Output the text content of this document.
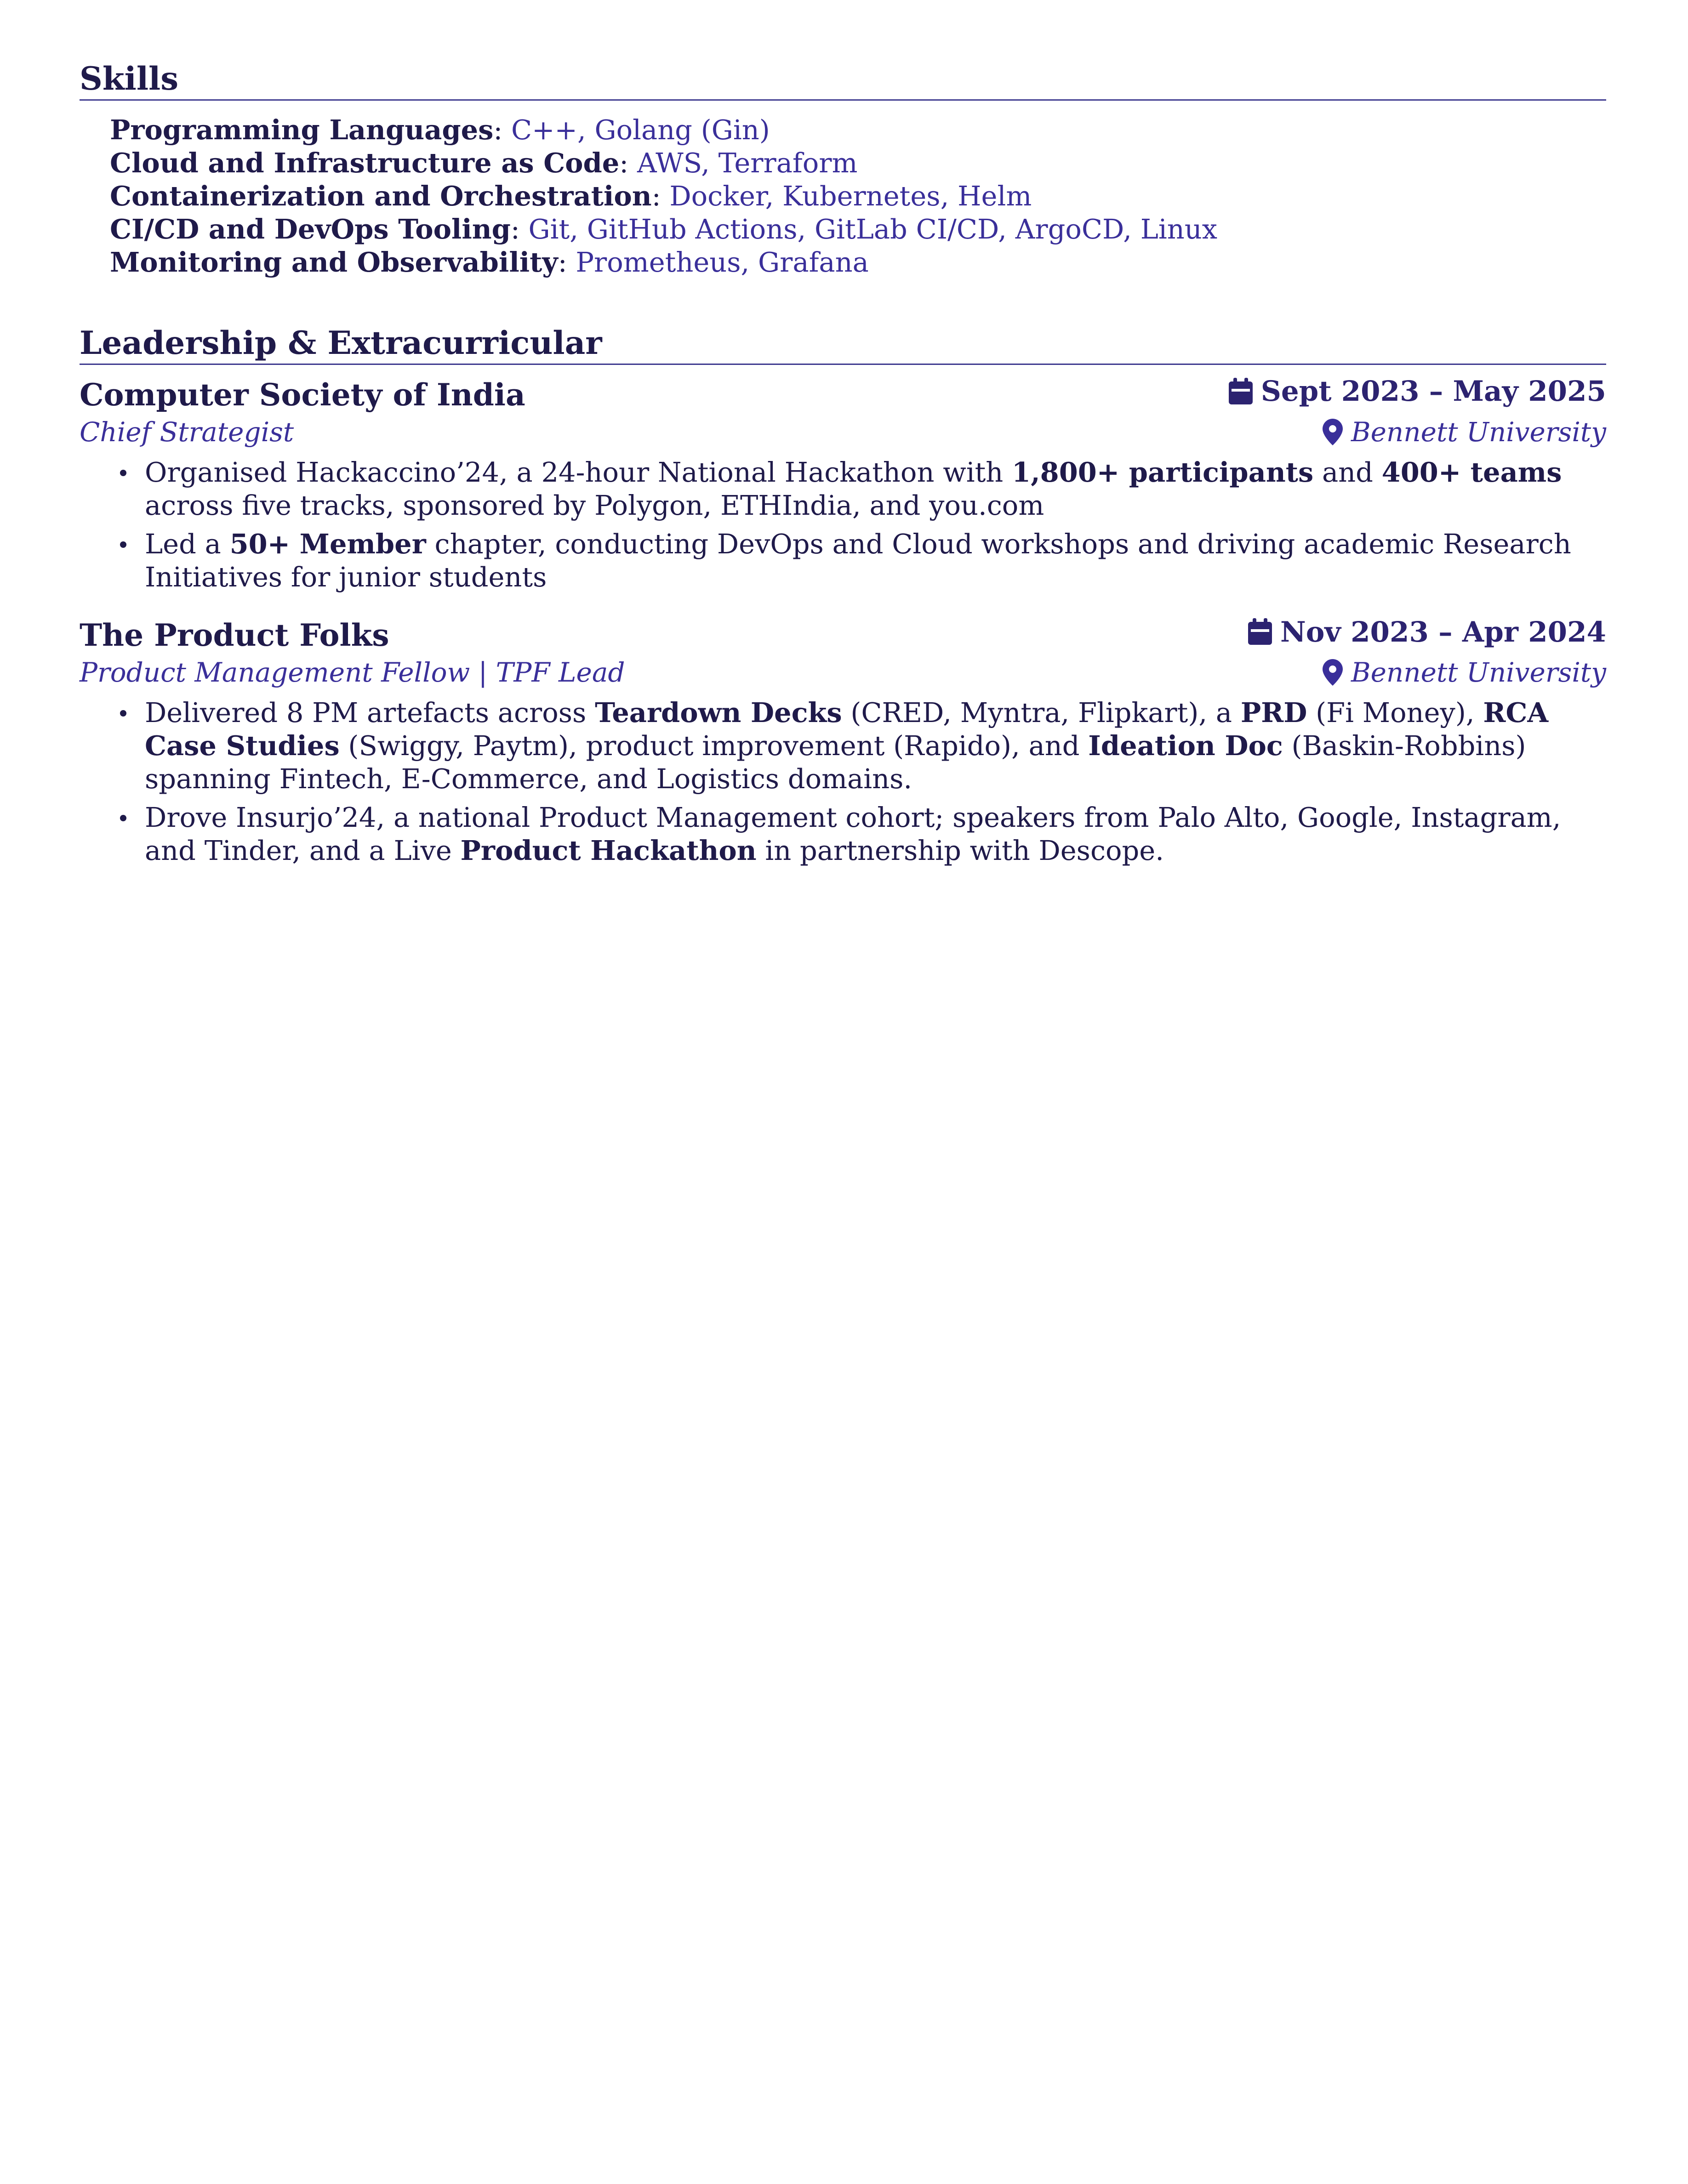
Skills
Programming Languages: C++, Golang (Gin)
Cloud and Infrastructure as Code: AWS, Terraform
Containerization and Orchestration: Docker, Kubernetes, Helm
CI/CD and DevOps Tooling: Git, GitHub Actions, GitLab CI/CD, ArgoCD, Linux
Monitoring and Observability: Prometheus, Grafana
Leadership & Extracurricular
Computer Society of India	Sept 2023 – May 2025
Chief Strategist	Bennett University
Organised Hackaccino’24, a 24-hour National Hackathon with 1,800+ participants and 400+ teams across five tracks, sponsored by Polygon, ETHIndia, and you.com
Led a 50+ Member chapter, conducting DevOps and Cloud workshops and driving academic Research Initiatives for junior students
The Product Folks	Nov 2023 – Apr 2024
Product Management Fellow | TPF Lead	Bennett University
Delivered 8 PM artefacts across Teardown Decks (CRED, Myntra, Flipkart), a PRD (Fi Money), RCA Case Studies (Swiggy, Paytm), product improvement (Rapido), and Ideation Doc (Baskin-Robbins) spanning Fintech, E-Commerce, and Logistics domains.
Drove Insurjo’24, a national Product Management cohort; speakers from Palo Alto, Google, Instagram, and Tinder, and a Live Product Hackathon in partnership with Descope.
